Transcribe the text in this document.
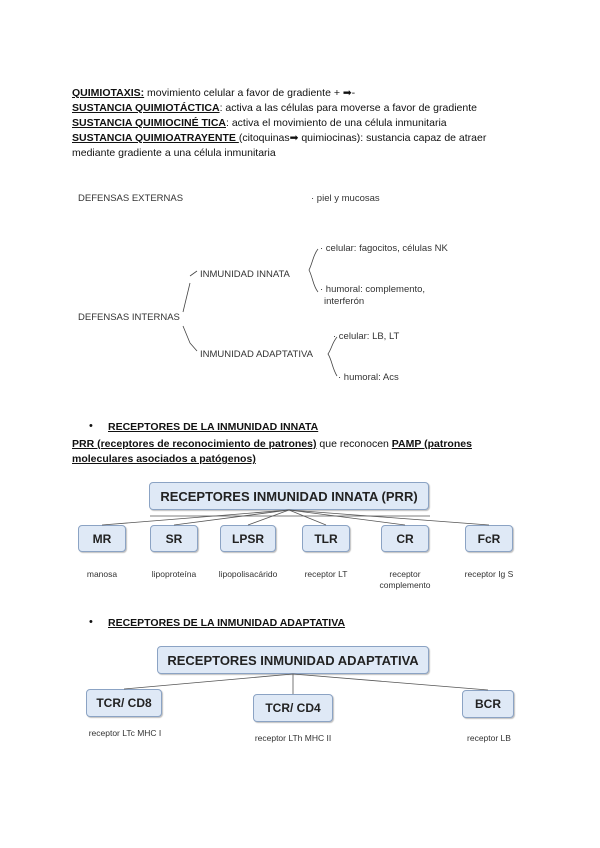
QUIMIOTAXIS: movimiento celular a favor de gradiente + ➡-
SUSTANCIA QUIMIOTÁCTICA: activa a las células para moverse a favor de gradiente
SUSTANCIA QUIMIOCINÉ TICA: activa el movimiento de una célula inmunitaria
SUSTANCIA QUIMIOATRAYENTE (citoquinas➡ quimiocinas): sustancia capaz de atraer mediante gradiente a una célula inmunitaria
DEFENSAS EXTERNAS	· piel y mucosas
DEFENSAS INTERNAS
INMUNIDAD INNATA
· celular: fagocitos, células NK
· humoral: complemento,
interferón
INMUNIDAD ADAPTATIVA
· celular: LB, LT
· humoral: Acs
• RECEPTORES DE LA INMUNIDAD INNATA
PRR (receptores de reconocimiento de patrones) que reconocen PAMP (patrones moleculares asociados a patógenos)
RECEPTORES INMUNIDAD INNATA (PRR)
MR	SR	LPSR	TLR	CR	FcR
manosa	lipoproteína	lipopolisacárido	receptor LT	receptor complemento
receptor Ig S
• RECEPTORES DE LA INMUNIDAD ADAPTATIVA
RECEPTORES INMUNIDAD ADAPTATIVA
TCR/ CD8	TCR/ CD4	BCR
receptor LTc MHC I	receptor LTh MHC II	receptor LB
